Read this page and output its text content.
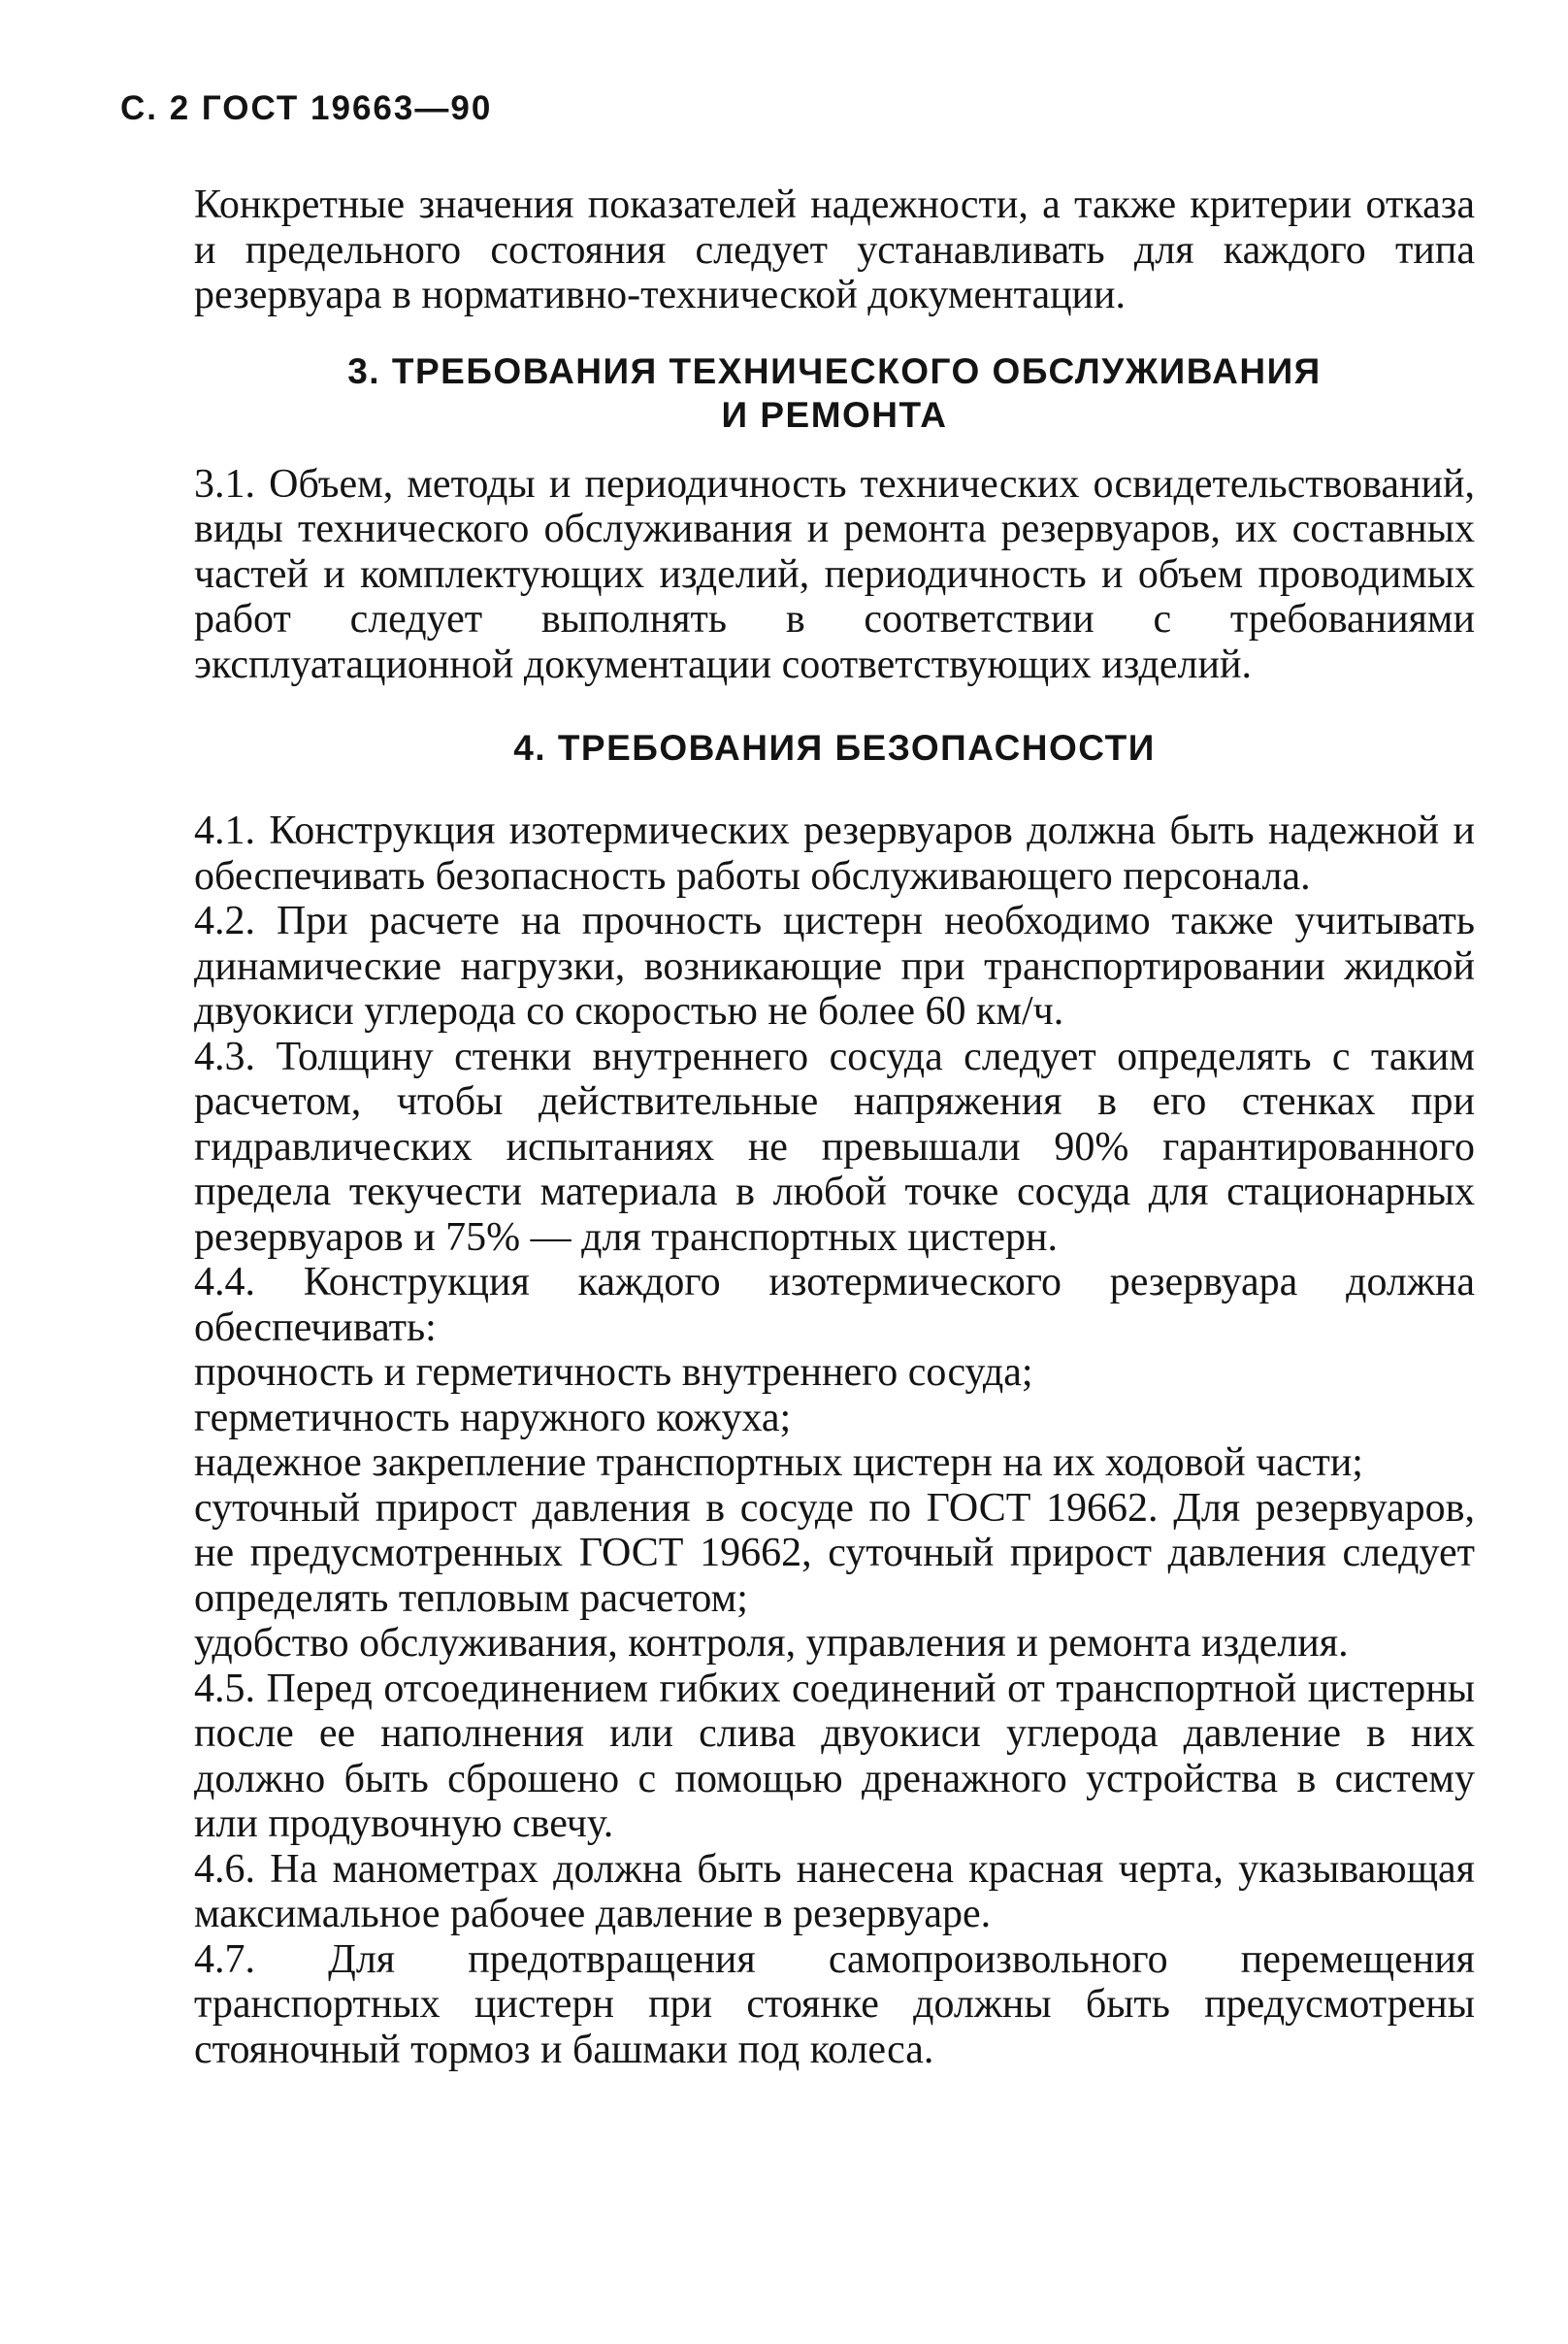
С. 2 ГОСТ 19663—90

Конкретные значения показателей надежности, а также критерии отказа и предельного состояния следует устанавливать для каждого типа резервуара в нормативно-технической документации.

3. ТРЕБОВАНИЯ ТЕХНИЧЕСКОГО ОБСЛУЖИВАНИЯ
И РЕМОНТА

3.1. Объем, методы и периодичность технических освидетельствований, виды технического обслуживания и ремонта резервуаров, их составных частей и комплектующих изделий, периодичность и объем проводимых работ следует выполнять в соответствии с требованиями эксплуатационной документации соответствующих изделий.

4. ТРЕБОВАНИЯ БЕЗОПАСНОСТИ

4.1. Конструкция изотермических резервуаров должна быть надежной и обеспечивать безопасность работы обслуживающего персонала.

4.2. При расчете на прочность цистерн необходимо также учитывать динамические нагрузки, возникающие при транспортировании жидкой двуокиси углерода со скоростью не более 60 км/ч.

4.3. Толщину стенки внутреннего сосуда следует определять с таким расчетом, чтобы действительные напряжения в его стенках при гидравлических испытаниях не превышали 90% гарантированного предела текучести материала в любой точке сосуда для стационарных резервуаров и 75% — для транспортных цистерн.

4.4. Конструкция каждого изотермического резервуара должна обеспечивать:

прочность и герметичность внутреннего сосуда;

герметичность наружного кожуха;

надежное закрепление транспортных цистерн на их ходовой части;

суточный прирост давления в сосуде по ГОСТ 19662. Для резервуаров, не предусмотренных ГОСТ 19662, суточный прирост давления следует определять тепловым расчетом;

удобство обслуживания, контроля, управления и ремонта изделия.

4.5. Перед отсоединением гибких соединений от транспортной цистерны после ее наполнения или слива двуокиси углерода давление в них должно быть сброшено с помощью дренажного устройства в систему или продувочную свечу.

4.6. На манометрах должна быть нанесена красная черта, указывающая максимальное рабочее давление в резервуаре.

4.7. Для предотвращения самопроизвольного перемещения транспортных цистерн при стоянке должны быть предусмотрены стояночный тормоз и башмаки под колеса.
